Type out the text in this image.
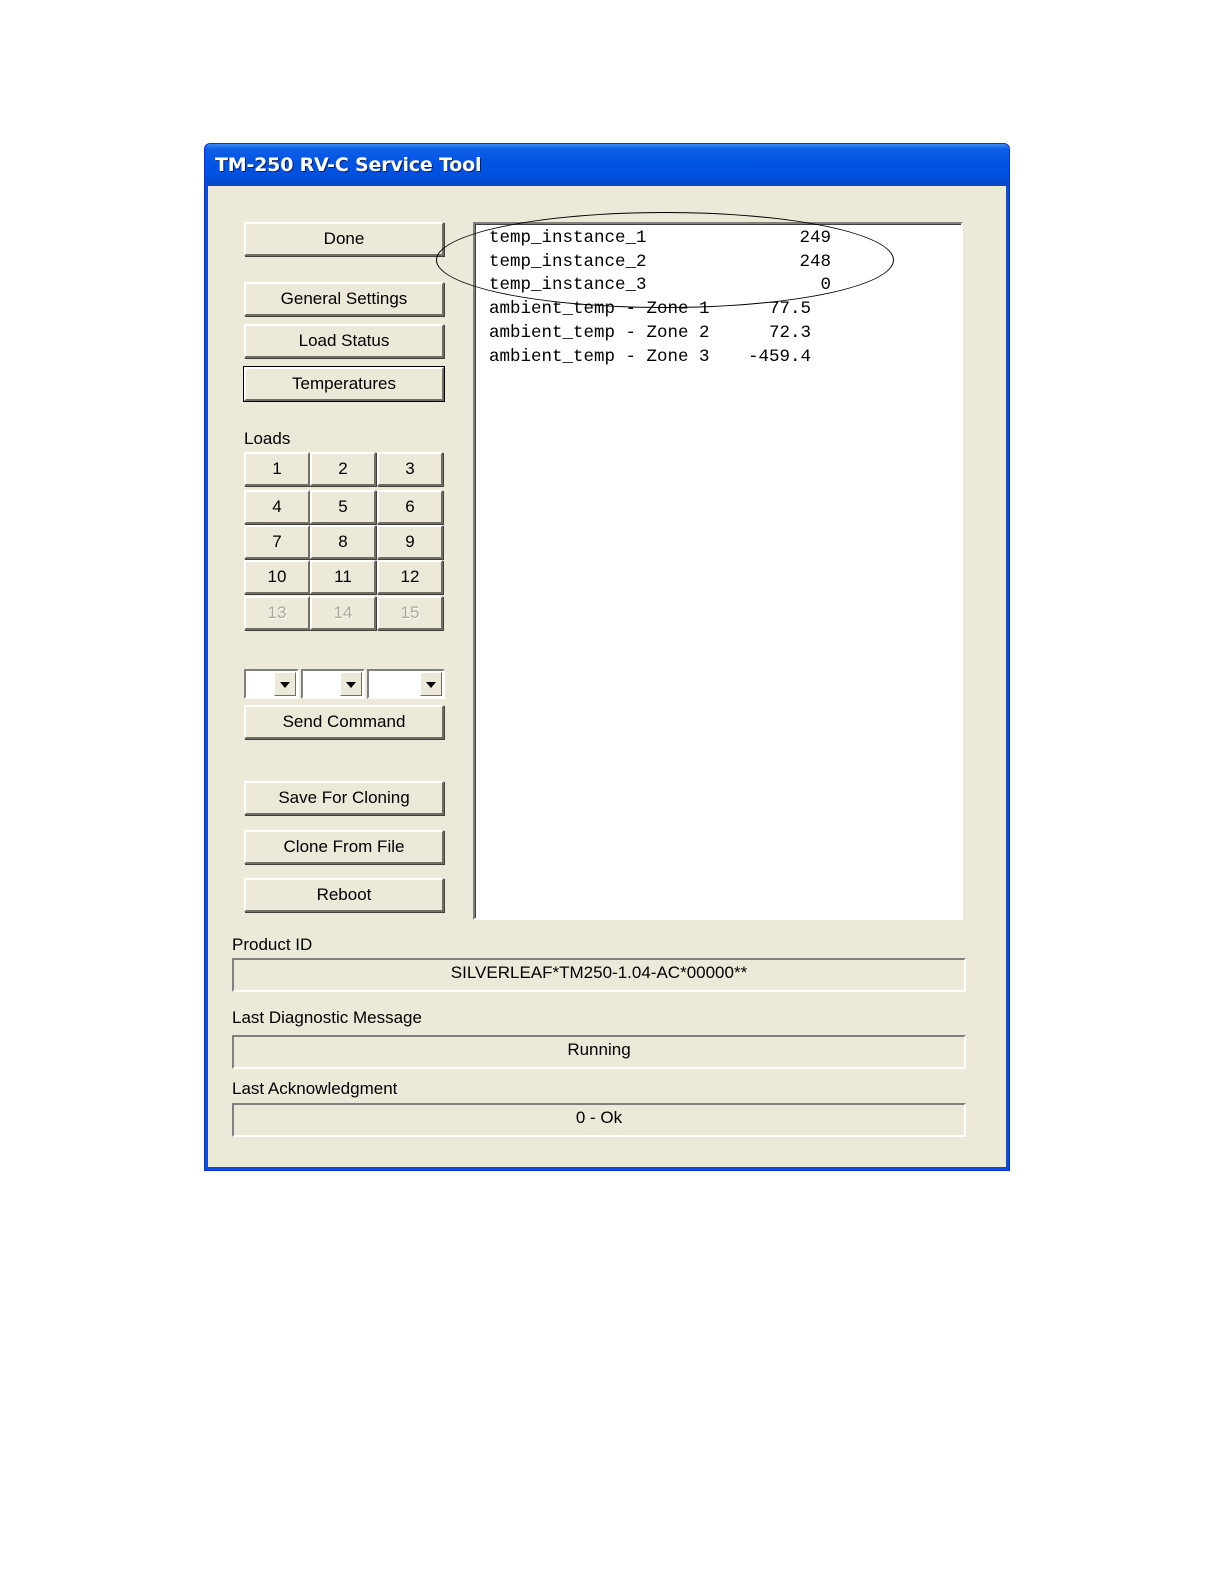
TM-250 RV-C Service Tool
Done
General Settings
Load Status
Temperatures
Loads
1	2	3
4	5	6
7	8	9
10	11	12
13	14	15
Send Command
Save For Cloning
Clone From File
Reboot
temp_instance_1	249
temp_instance_2	248
temp_instance_3	0
ambient_temp - Zone 1	77.5
ambient_temp - Zone 2	72.3
ambient_temp - Zone 3	-459.4
Product ID
SILVERLEAF*TM250-1.04-AC*00000**
Last Diagnostic Message
Running
Last Acknowledgment
0 - Ok
